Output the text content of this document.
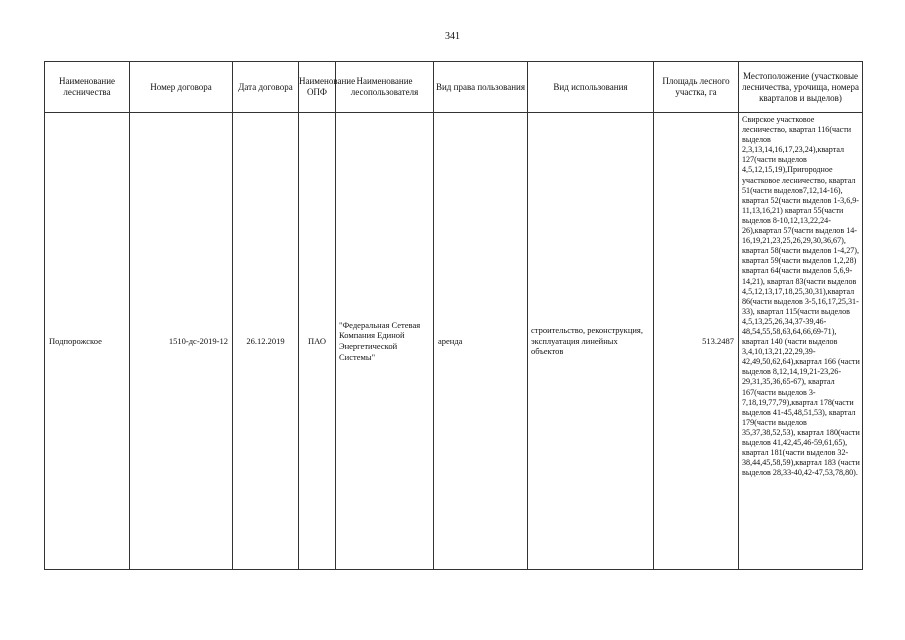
341
Наименование лесничества	Номер договора	Дата договора	Наименование ОПФ	Наименование лесопользователя	Вид права пользования	Вид использования	Площадь лесного участка, га	Местоположение (участковые лесничества, урочища, номера кварталов и выделов)
Подпорожское	1510-дс-2019-12	26.12.2019	ПАО	"Федеральная Сетевая Компания Единой Энергетической Системы"	аренда	строительство, реконструкция, эксплуатация линейных объектов	513.2487	Свирское участковое лесничество, квартал 116(части выделов 2,3,13,14,16,17,23,24),квартал 127(части выделов 4,5,12,15,19),Пригородное участковое лесничество, квартал 51(части выделов7,12,14-16), квартал 52(части выделов 1-3,6,9-11,13,16,21) квартал 55(части выделов 8-10,12,13,22,24-26),квартал 57(части выделов 14-16,19,21,23,25,26,29,30,36,67), квартал 58(части выделов 1-4,27), квартал 59(части выделов 1,2,28) квартал 64(части выделов 5,6,9-14,21), квартал 83(части выделов 4,5,12,13,17,18,25,30,31),квартал 86(части выделов 3-5,16,17,25,31-33), квартал 115(части выделов 4,5,13,25,26,34,37-39,46-48,54,55,58,63,64,66,69-71), квартал 140 (части выделов 3,4,10,13,21,22,29,39-42,49,50,62,64),квартал 166 (части выделов 8,12,14,19,21-23,26-29,31,35,36,65-67), квартал 167(части выделов 3-7,18,19,77,79),квартал 178(части выделов 41-45,48,51,53), квартал 179(части выделов 35,37,38,52,53), квартал 180(части выделов 41,42,45,46-59,61,65), квартал 181(части выделов 32-38,44,45,58,59),квартал 183 (части выделов 28,33-40,42-47,53,78,80).
